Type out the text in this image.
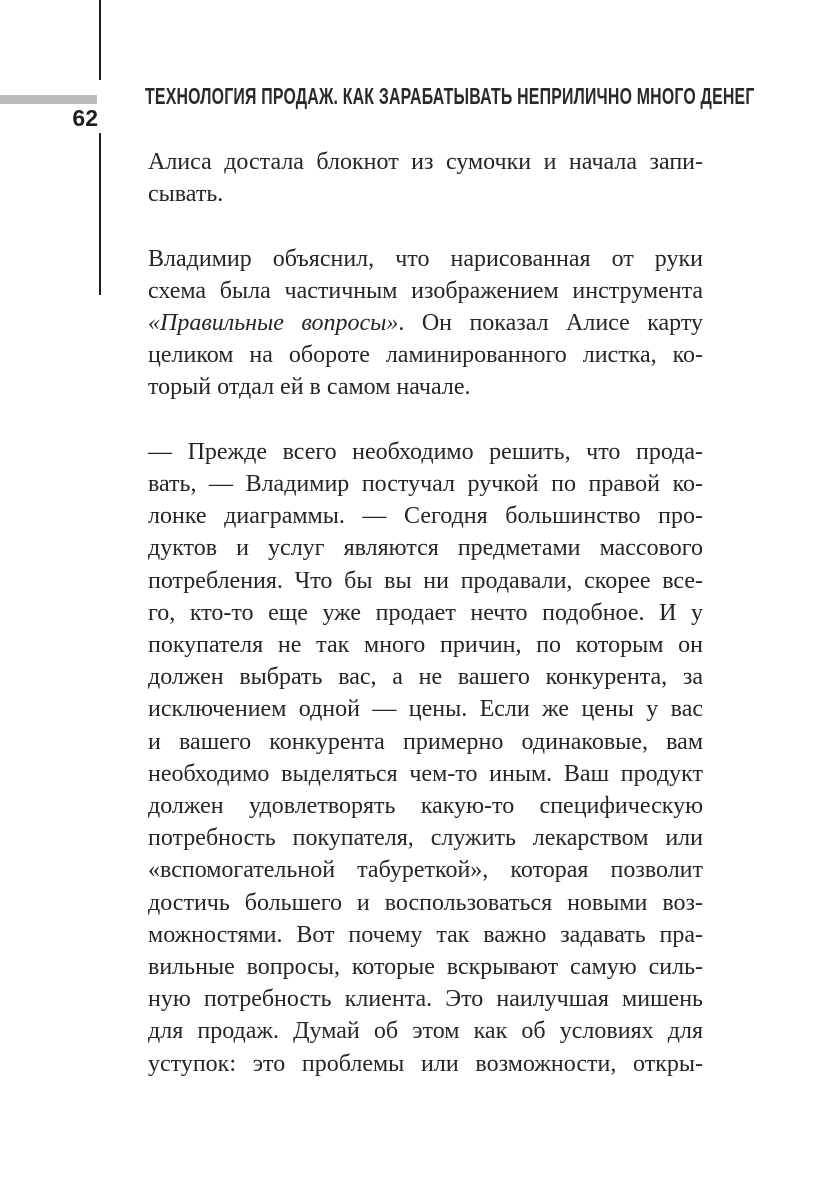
62
ТЕХНОЛОГИЯ ПРОДАЖ. КАК ЗАРАБАТЫВАТЬ НЕПРИЛИЧНО МНОГО ДЕНЕГ
Алиса достала блокнот из сумочки и начала запи-
сывать.
Владимир объяснил, что нарисованная от руки
схема была частичным изображением инструмента
«Правильные вопросы». Он показал Алисе карту
целиком на обороте ламинированного листка, ко-
торый отдал ей в самом начале.
— Прежде всего необходимо решить, что прода-
вать, — Владимир постучал ручкой по правой ко-
лонке диаграммы. — Сегодня большинство про-
дуктов и услуг являются предметами массового
потребления. Что бы вы ни продавали, скорее все-
го, кто-то еще уже продает нечто подобное. И у
покупателя не так много причин, по которым он
должен выбрать вас, а не вашего конкурента, за
исключением одной — цены. Если же цены у вас
и вашего конкурента примерно одинаковые, вам
необходимо выделяться чем-то иным. Ваш продукт
должен удовлетворять какую-то специфическую
потребность покупателя, служить лекарством или
«вспомогательной табуреткой», которая позволит
достичь большего и воспользоваться новыми воз-
можностями. Вот почему так важно задавать пра-
вильные вопросы, которые вскрывают самую силь-
ную потребность клиента. Это наилучшая мишень
для продаж. Думай об этом как об условиях для
уступок: это проблемы или возможности, откры-
